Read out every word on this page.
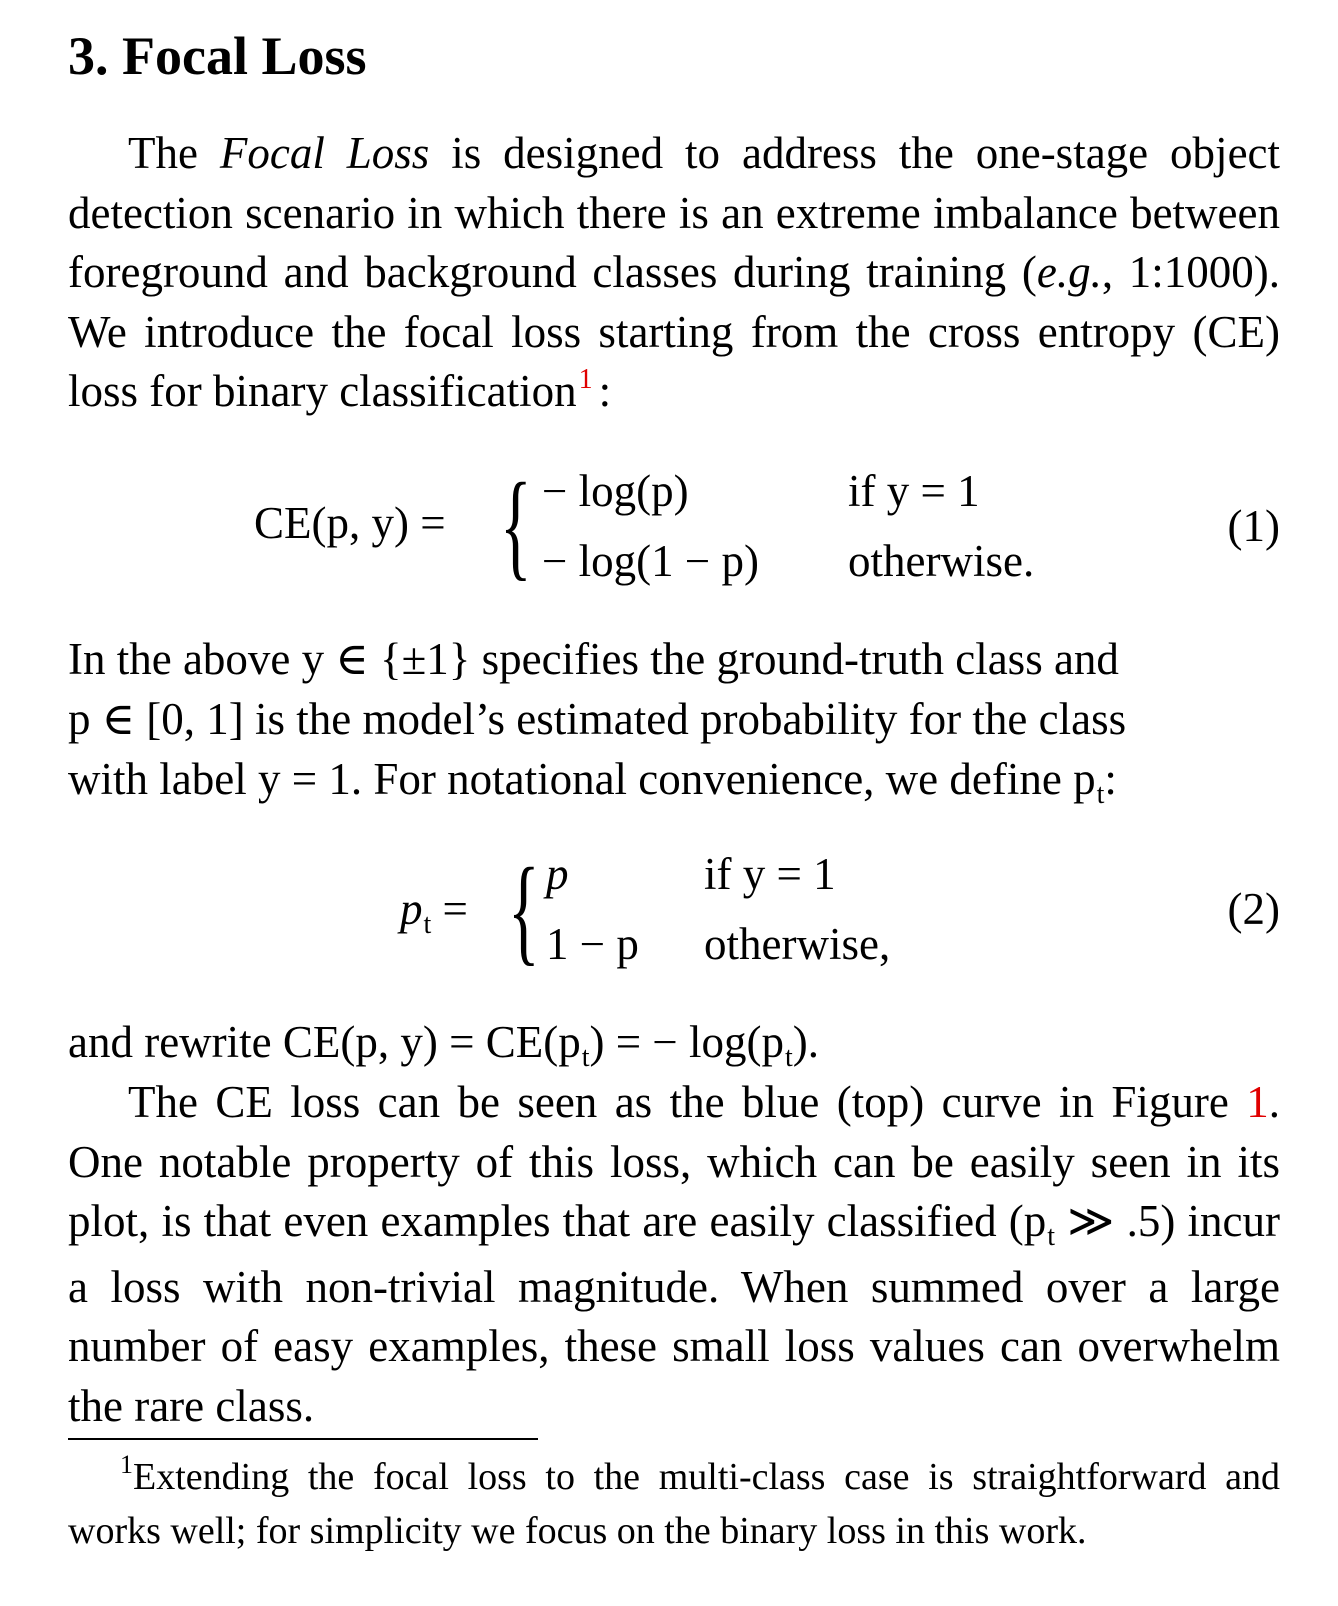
3. Focal Loss

The Focal Loss is designed to address the one-stage object detection scenario in which there is an extreme imbalance between foreground and background classes during training (e.g., 1:1000). We introduce the focal loss starting from the cross entropy (CE) loss for binary classification$^1$ :

CE(p, y) = { − log(p)	if y = 1
− log(1 − p) otherwise.
(1)

In the above y ∈ {±1} specifies the ground-truth class and

p ∈ [0, 1] is the model’s estimated probability for the class

with label y = 1. For notational convenience, we define $p_t$:

$p_t$ = { p	if y = 1
1 − p otherwise,
(2)

and rewrite CE(p, $y) = CE(p_t)$ = − $\log(p_t)$.

The CE loss can be seen as the blue (top) curve in Figure 1. One notable property of this loss, which can be easily seen in its plot, is that even examples that are easily classified ($p_t$ ≫ .5) incur a loss with non-trivial magnitude. When summed over a large number of easy examples, these small loss values can overwhelm the rare class.

$^1$Extending the focal loss to the multi-class case is straightforward and works well; for simplicity we focus on the binary loss in this work.
